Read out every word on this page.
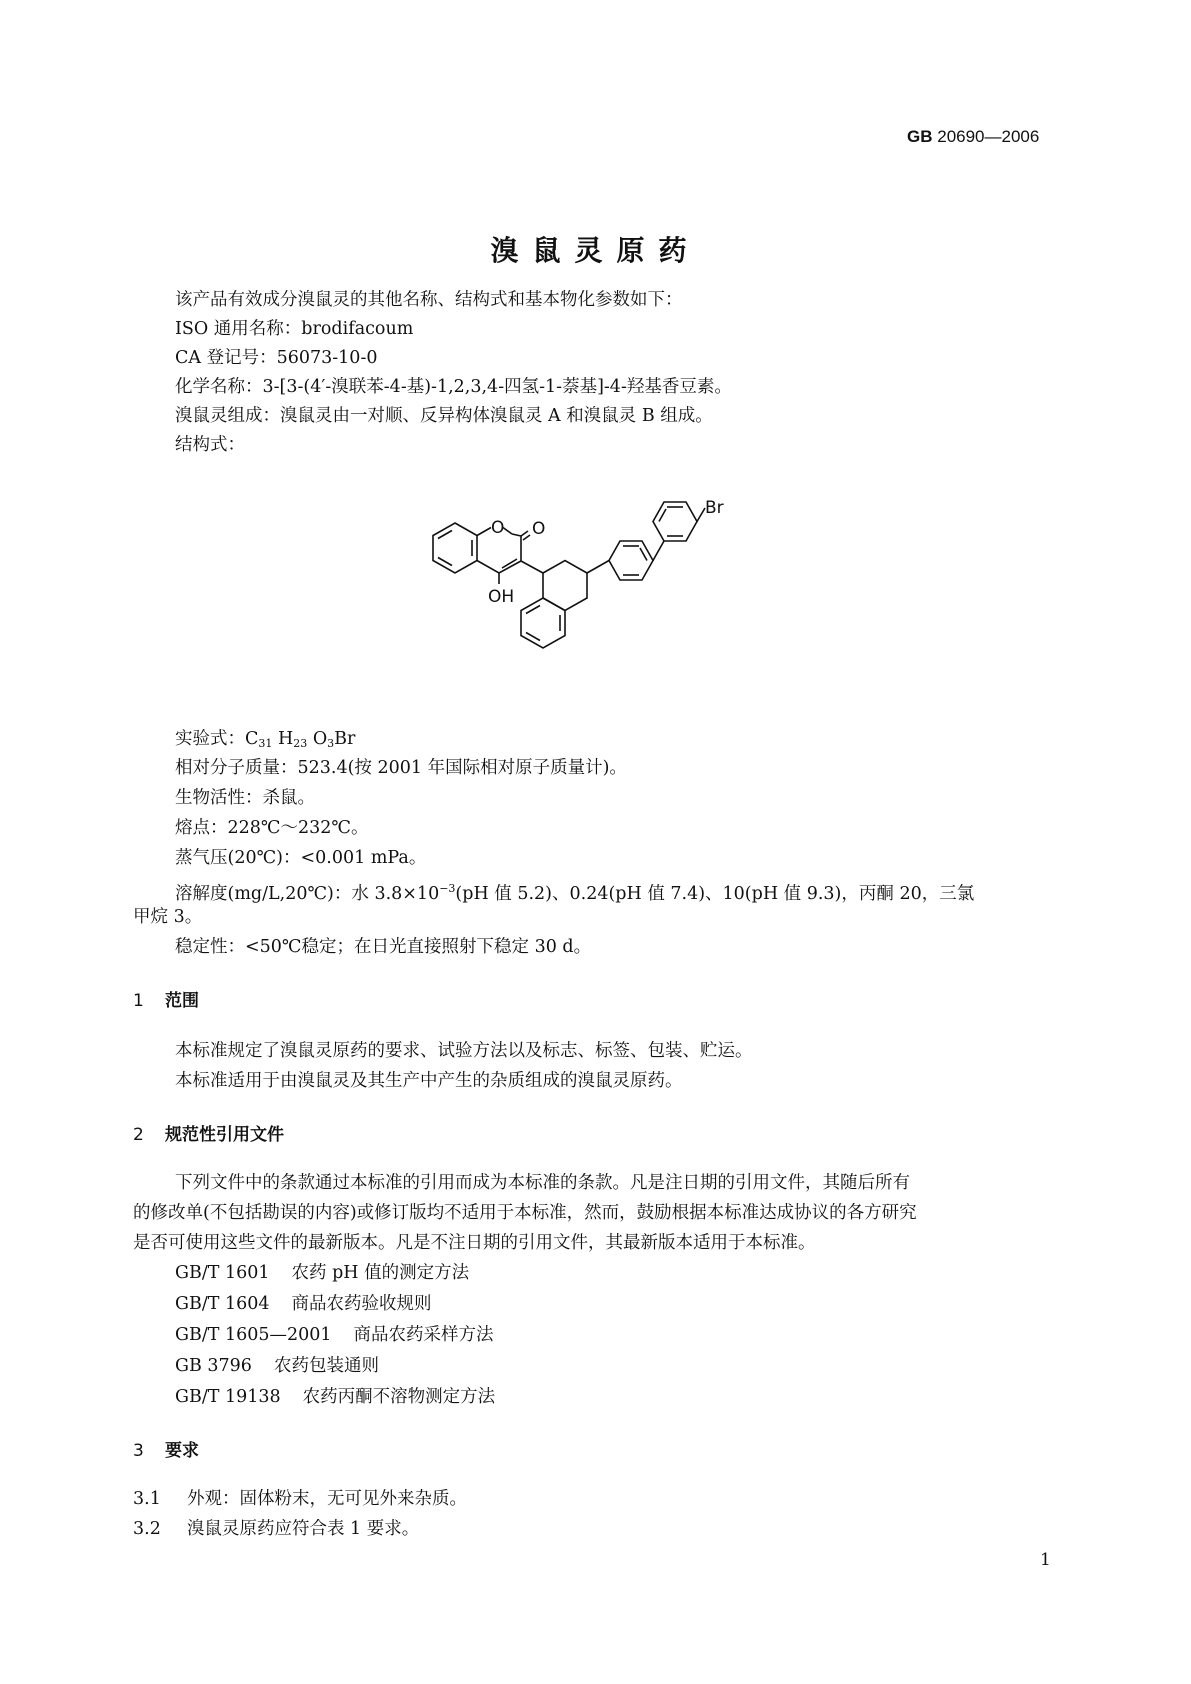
GB 20690—2006
溴鼠灵原药
该产品有效成分溴鼠灵的其他名称、结构式和基本物化参数如下：
ISO 通用名称：brodifacoum
CA 登记号：56073-10-0
化学名称：3-[3-(4′-溴联苯-4-基)-1,2,3,4-四氢-1-萘基]-4-羟基香豆素。
溴鼠灵组成：溴鼠灵由一对顺、反异构体溴鼠灵 A 和溴鼠灵 B 组成。
结构式：
O O
OH
Br
实验式：$C_{31}$ $H_{23}$ $O_3Br$
相对分子质量：523.4(按 2001 年国际相对原子质量计)。
生物活性：杀鼠。
熔点：228℃～232℃。
蒸气压(20℃)：<0.001 mPa。
溶解度(mg/L,20℃)：水 $3.8\times 10^{-3}(pH$ 值 5.2)、0.24(pH 值 7.4)、10(pH 值 9.3)，丙酮 20，三氯
甲烷 3。
稳定性：<50℃稳定；在日光直接照射下稳定 30 d。
1 范围
本标准规定了溴鼠灵原药的要求、试验方法以及标志、标签、包装、贮运。
本标准适用于由溴鼠灵及其生产中产生的杂质组成的溴鼠灵原药。
2 规范性引用文件
下列文件中的条款通过本标准的引用而成为本标准的条款。凡是注日期的引用文件，其随后所有
的修改单(不包括勘误的内容)或修订版均不适用于本标准，然而，鼓励根据本标准达成协议的各方研究
是否可使用这些文件的最新版本。凡是不注日期的引用文件，其最新版本适用于本标准。
GB/T 1601 农药 pH 值的测定方法
GB/T 1604 商品农药验收规则
GB/T 1605—2001 商品农药采样方法
GB 3796 农药包装通则
GB/T 19138 农药丙酮不溶物测定方法
3 要求
3.1 外观：固体粉末，无可见外来杂质。
3.2 溴鼠灵原药应符合表 1 要求。
1
